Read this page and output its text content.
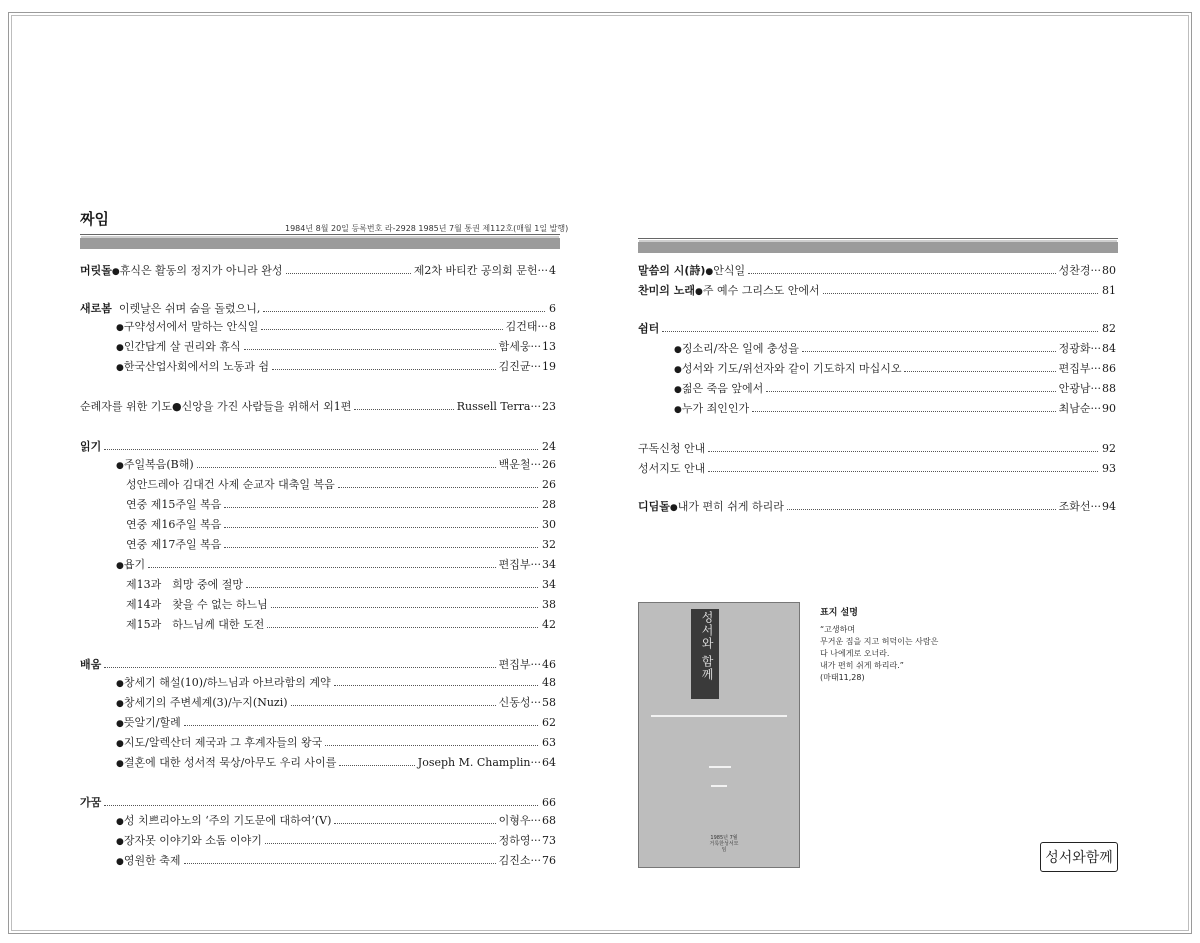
짜임
1984년 8월 20일 등록번호 라-2928 1985년 7월 통권 제112호(매월 1일 발행)
머릿돌 ● 휴식은 활동의 정지가 아니라 완성	제2차 바티칸 공의회 문헌 ··· 4
새로봄
이렛날은 쉬며 숨을 돌렸으니,	6
● 구약성서에서 말하는 안식일	김건태 ··· 8
● 인간답게 살 권리와 휴식	함세웅 ··· 13
● 한국산업사회에서의 노동과 쉼	김진균 ··· 19
순례자를 위한 기도●신앙을 가진 사람들을 위해서 외1편	Russell Terra ··· 23
읽기	24
● 주일복음(B해)	백운철 ··· 26
성안드레아 김대건 사제 순교자 대축일 복음	26
연중 제15주일 복음	28
연중 제16주일 복음	30
연중 제17주일 복음	32
● 욥기	편집부 ··· 34
제13과　희망 중에 절망	34
제14과　찾을 수 없는 하느님	38
제15과　하느님께 대한 도전	42
배움	편집부 ··· 46
● 창세기 해설(10)/하느님과 아브라함의 계약	48
● 창세기의 주변세계(3)/누지(Nuzi)	신동성 ··· 58
● 뜻알기/할례	62
● 지도/알렉산더 제국과 그 후계자들의 왕국	63
● 결혼에 대한 성서적 묵상/아무도 우리 사이를	Joseph M. Champlin ··· 64
가꿈	66
● 성 치쁘리아노의 ‘주의 기도문에 대하여’(V)	이형우 ··· 68
● 장자못 이야기와 소돔 이야기	정하영 ··· 73
● 영원한 축제	김진소 ··· 76
말씀의 시(詩) ● 안식일	성찬경 ··· 80
찬미의 노래 ● 주 예수 그리스도 안에서	81
쉼터	82
● 징소리/작은 일에 충성을	정광화 ··· 84
● 성서와 기도/위선자와 같이 기도하지 마십시오	편집부 ··· 86
● 젊은 죽음 앞에서	안광남 ··· 88
● 누가 죄인인가	최남순 ··· 90
구독신청 안내	92
성서지도 안내	93
디딤돌 ● 내가 편히 쉬게 하리라	조화선 ··· 94
성서와 함께
1985년 7월 거룩한성서모임
표지 설명
“고생하며
무거운 짐을 지고 허덕이는 사람은
다 나에게로 오너라.
내가 편히 쉬게 하리라.”
(마태11,28)
성서와함께
